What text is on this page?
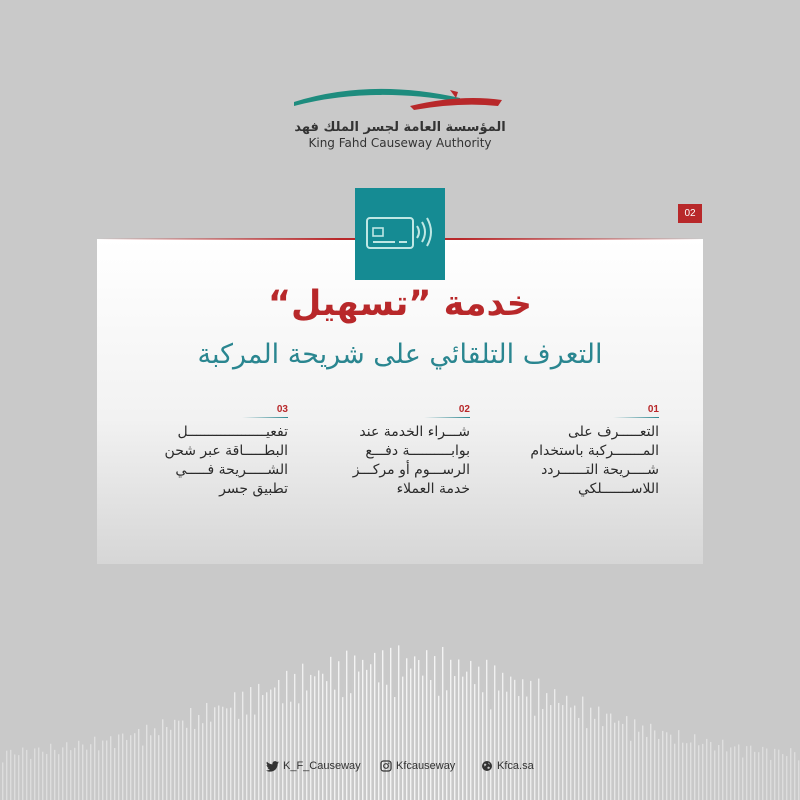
المؤسسة العامة لجسر الملك فهد
King Fahd Causeway Authority
02
خدمة ”تسهيل“
التعرف التلقائي على شريحة المركبة
01
التعـــــرف على المـــــــركبة باستخدام شــــريحة التــــــردد اللاســـــــلكي
02
شـــراء الخدمة عند بوابــــــــــة دفـــع الرســـوم أو مركـــز خدمة العملاء
03
تفعيـــــــــــــــــــل البطـــــاقة عبر شحن الشـــــريحة فـــــي تطبيق جسر
K_F_Causeway	Kfcauseway	Kfca.sa
